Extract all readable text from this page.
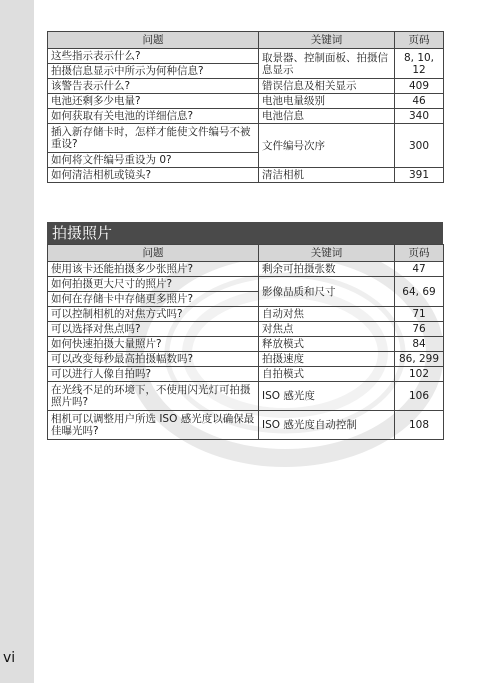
问题	关键词	页码
这些指示表示什么?	取景器、控制面板、拍摄信息显示	8, 10, 12
拍摄信息显示中所示为何种信息?		
该警告表示什么?	错误信息及相关显示	409
电池还剩多少电量?	电池电量级别	46
如何获取有关电池的详细信息?	电池信息	340
插入新存储卡时，怎样才能使文件编号不被重设?	文件编号次序	300
如何将文件编号重设为 0?		
如何清洁相机或镜头?	清洁相机	391
拍摄照片
问题	关键词	页码
使用该卡还能拍摄多少张照片?	剩余可拍摄张数	47
如何拍摄更大尺寸的照片?	影像品质和尺寸	64, 69
如何在存储卡中存储更多照片?		
可以控制相机的对焦方式吗?	自动对焦	71
可以选择对焦点吗?	对焦点	76
如何快速拍摄大量照片?	释放模式	84
可以改变每秒最高拍摄幅数吗?	拍摄速度	86, 299
可以进行人像自拍吗?	自拍模式	102
在光线不足的环境下，不使用闪光灯可拍摄照片吗?	ISO 感光度	106
相机可以调整用户所选 ISO 感光度以确保最佳曝光吗?	ISO 感光度自动控制	108
vi
